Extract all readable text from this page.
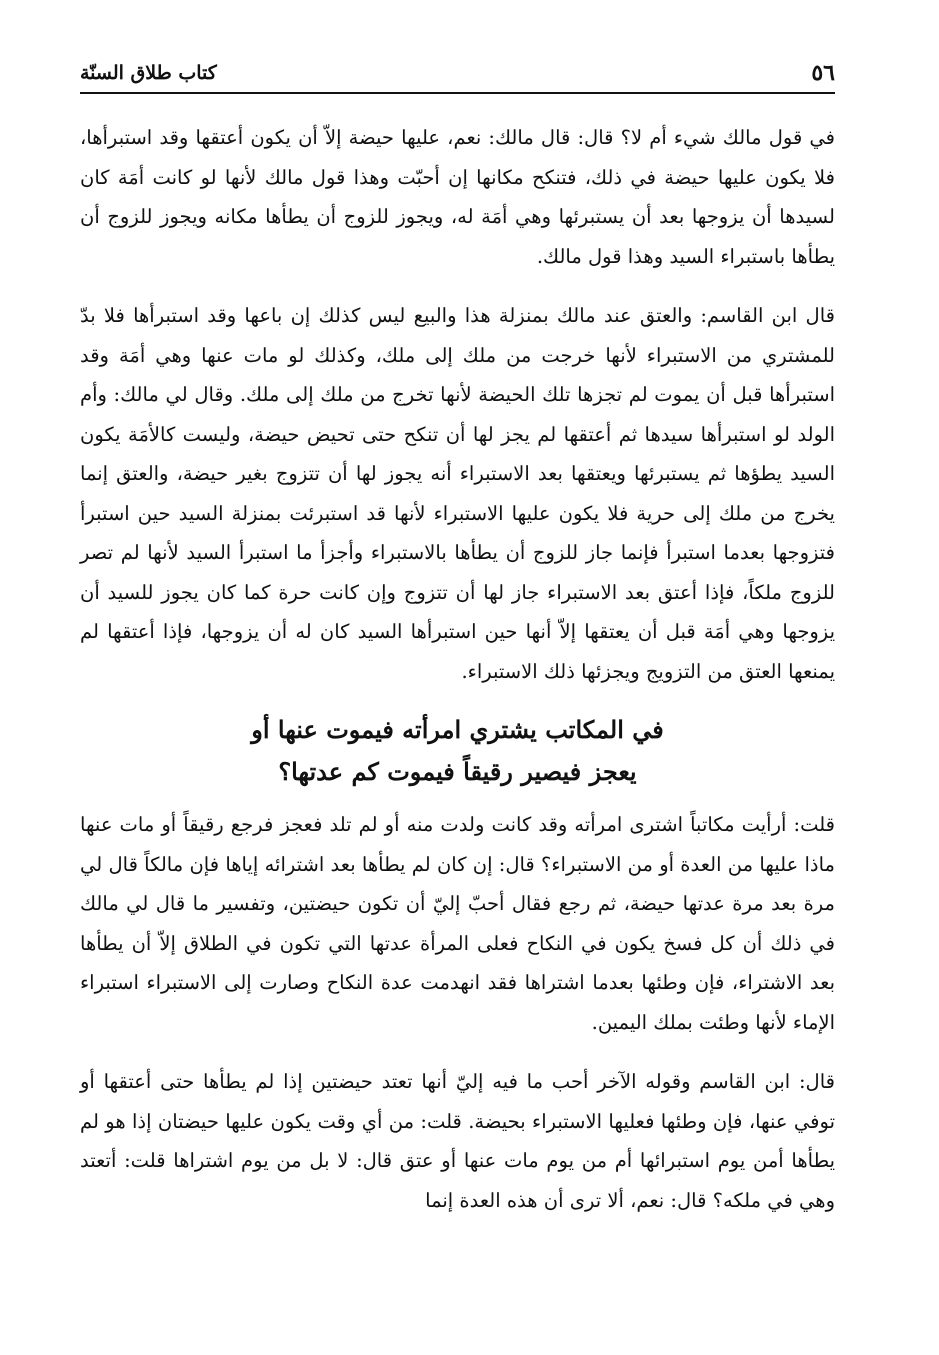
٥٦
كتاب طلاق السنّة

في قول مالك شيء أم لا؟ قال: قال مالك: نعم، عليها حيضة إلاّ أن يكون أعتقها وقد استبرأها، فلا يكون عليها حيضة في ذلك، فتنكح مكانها إن أحبّت وهذا قول مالك لأنها لو كانت أمَة كان لسيدها أن يزوجها بعد أن يستبرئها وهي أمَة له، ويجوز للزوج أن يطأها مكانه ويجوز للزوج أن يطأها باستبراء السيد وهذا قول مالك.

قال ابن القاسم: والعتق عند مالك بمنزلة هذا والبيع ليس كذلك إن باعها وقد استبرأها فلا بدّ للمشتري من الاستبراء لأنها خرجت من ملك إلى ملك، وكذلك لو مات عنها وهي أمَة وقد استبرأها قبل أن يموت لم تجزها تلك الحيضة لأنها تخرج من ملك إلى ملك. وقال لي مالك: وأم الولد لو استبرأها سيدها ثم أعتقها لم يجز لها أن تنكح حتى تحيض حيضة، وليست كالأمَة يكون السيد يطؤها ثم يستبرئها ويعتقها بعد الاستبراء أنه يجوز لها أن تتزوج بغير حيضة، والعتق إنما يخرج من ملك إلى حرية فلا يكون عليها الاستبراء لأنها قد استبرئت بمنزلة السيد حين استبرأ فتزوجها بعدما استبرأ فإنما جاز للزوج أن يطأها بالاستبراء وأجزأ ما استبرأ السيد لأنها لم تصر للزوج ملكاً، فإذا أعتق بعد الاستبراء جاز لها أن تتزوج وإن كانت حرة كما كان يجوز للسيد أن يزوجها وهي أمَة قبل أن يعتقها إلاّ أنها حين استبرأها السيد كان له أن يزوجها، فإذا أعتقها لم يمنعها العتق من التزويج ويجزئها ذلك الاستبراء.

في المكاتب يشتري امرأته فيموت عنها أو
يعجز فيصير رقيقاً فيموت كم عدتها؟

قلت: أرأيت مكاتباً اشترى امرأته وقد كانت ولدت منه أو لم تلد فعجز فرجع رقيقاً أو مات عنها ماذا عليها من العدة أو من الاستبراء؟ قال: إن كان لم يطأها بعد اشترائه إياها فإن مالكاً قال لي مرة بعد مرة عدتها حيضة، ثم رجع فقال أحبّ إليّ أن تكون حيضتين، وتفسير ما قال لي مالك في ذلك أن كل فسخ يكون في النكاح فعلى المرأة عدتها التي تكون في الطلاق إلاّ أن يطأها بعد الاشتراء، فإن وطئها بعدما اشتراها فقد انهدمت عدة النكاح وصارت إلى الاستبراء استبراء الإماء لأنها وطئت بملك اليمين.

قال: ابن القاسم وقوله الآخر أحب ما فيه إليّ أنها تعتد حيضتين إذا لم يطأها حتى أعتقها أو توفي عنها، فإن وطئها فعليها الاستبراء بحيضة. قلت: من أي وقت يكون عليها حيضتان إذا هو لم يطأها أمن يوم استبرائها أم من يوم مات عنها أو عتق قال: لا بل من يوم اشتراها قلت: أتعتد وهي في ملكه؟ قال: نعم، ألا ترى أن هذه العدة إنما
